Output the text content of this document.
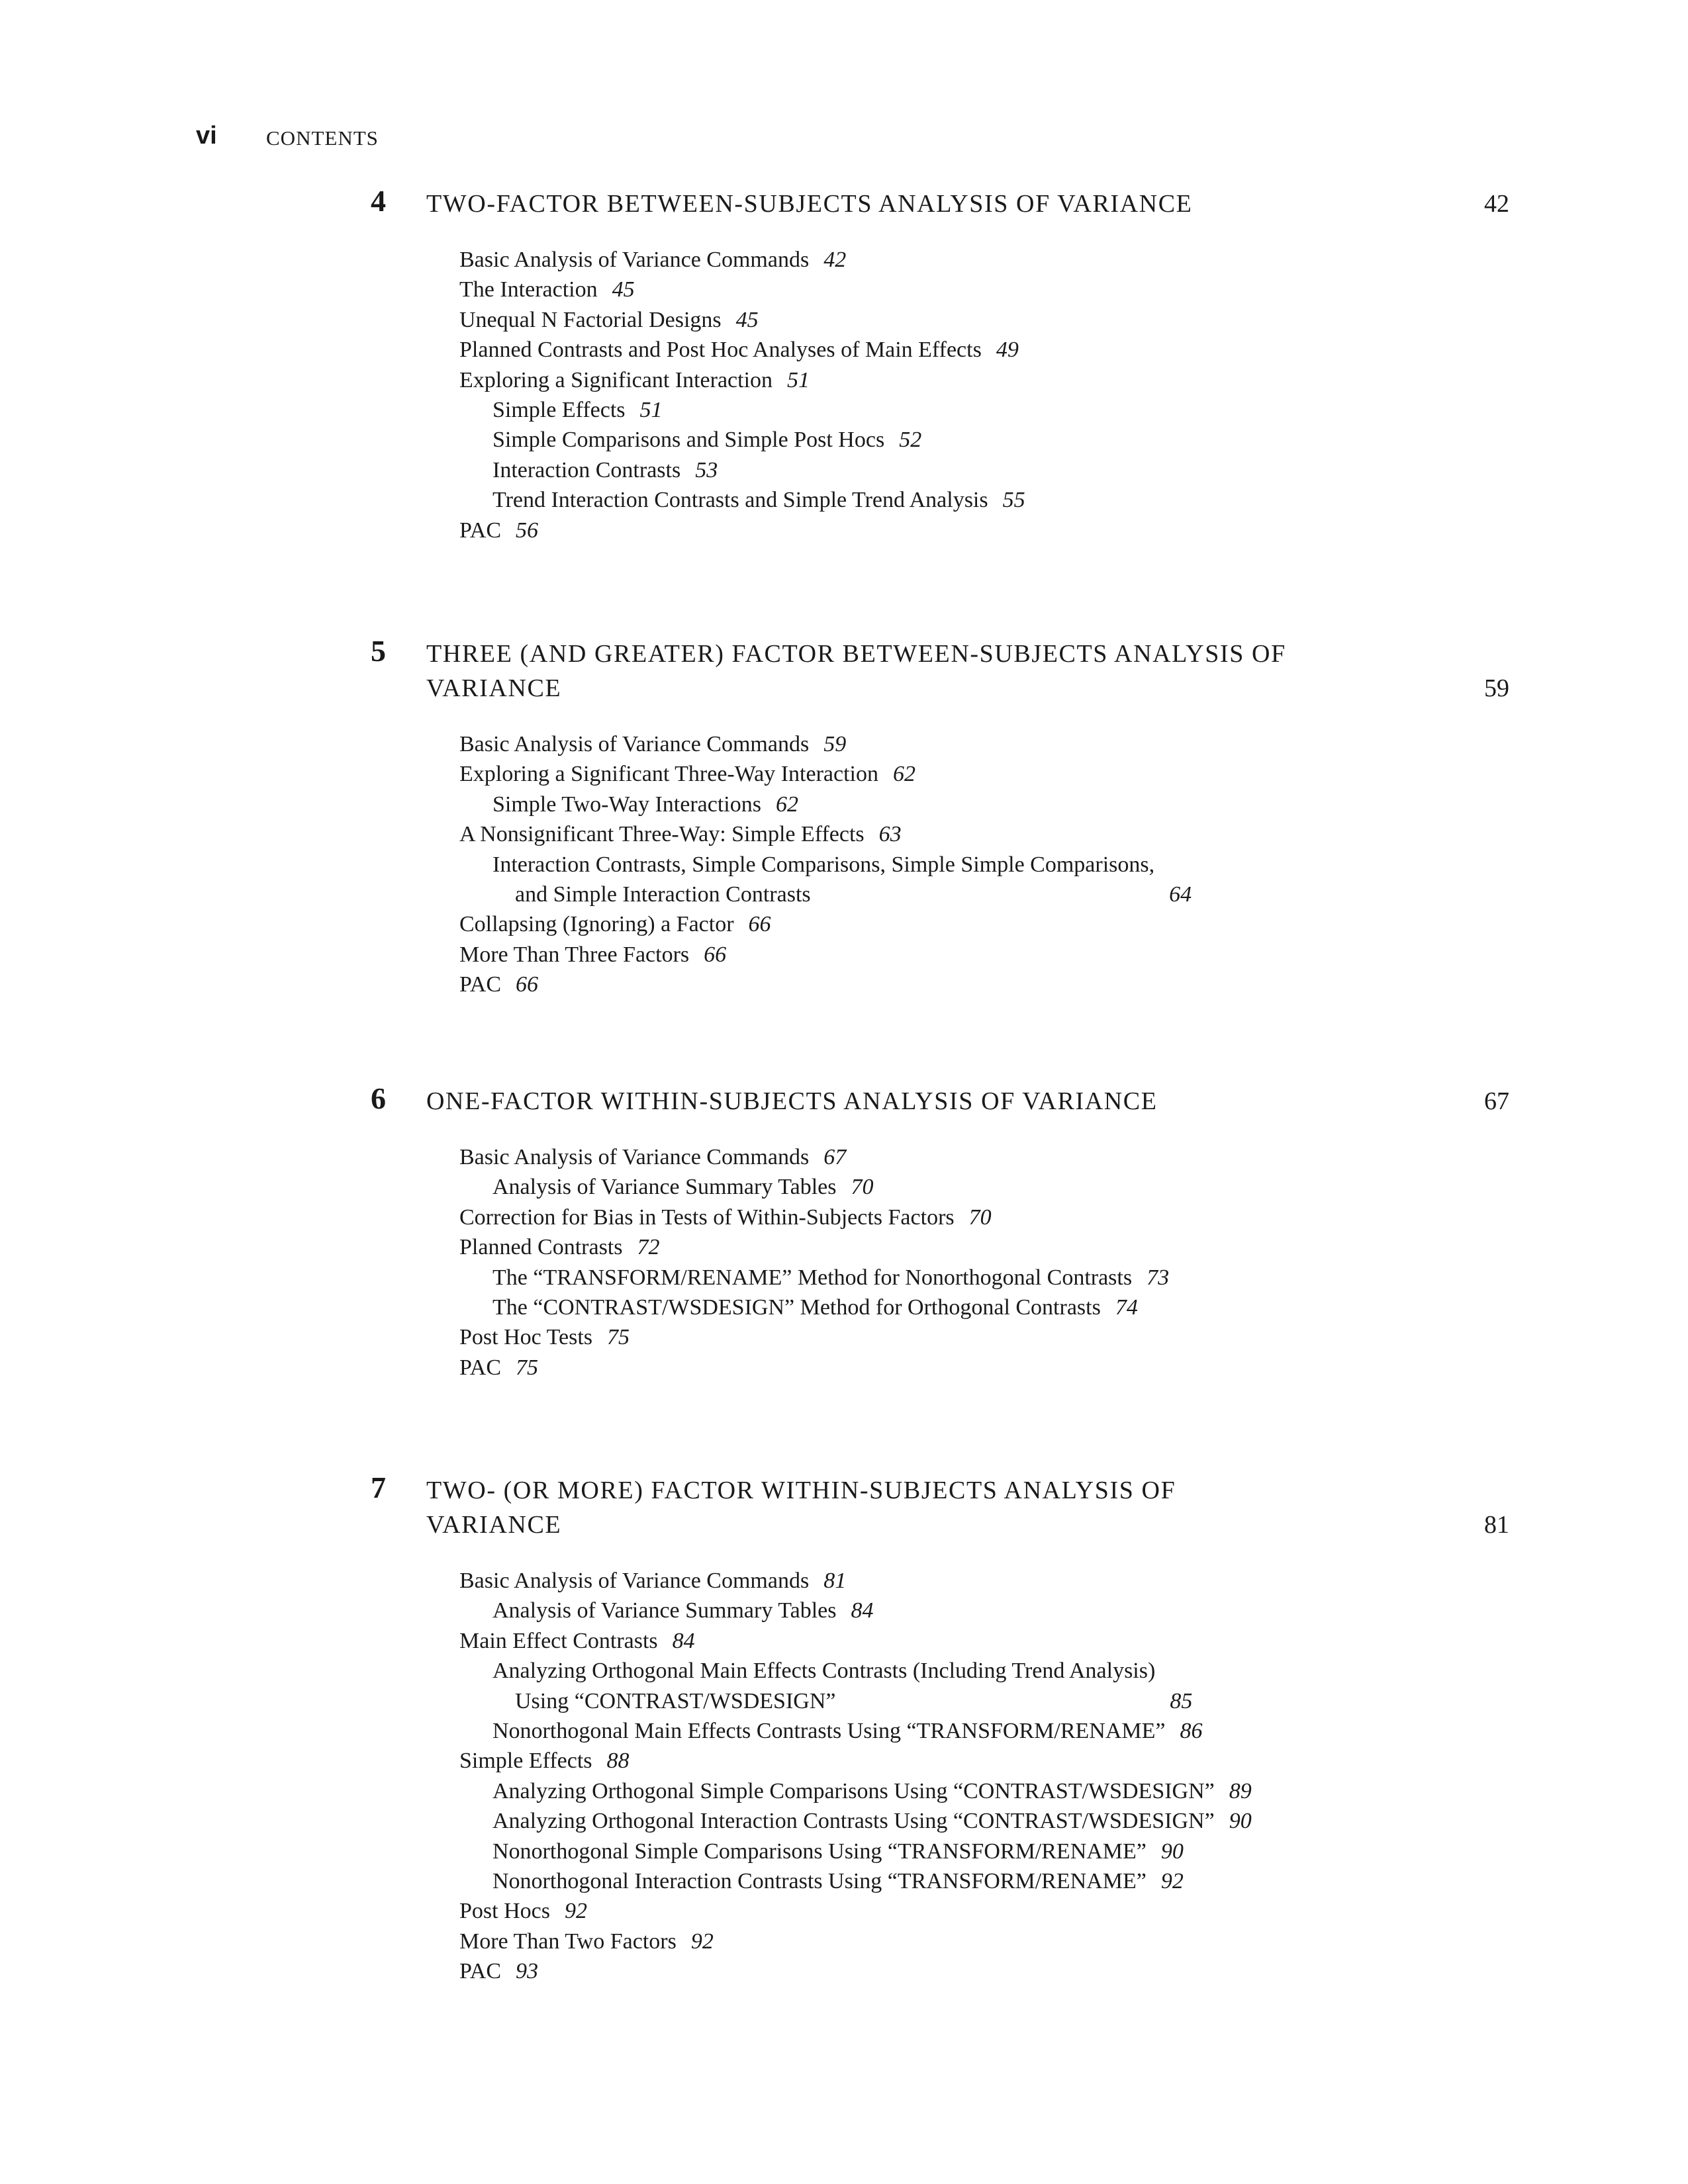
vi CONTENTS
4 TWO-FACTOR BETWEEN-SUBJECTS ANALYSIS OF VARIANCE	42
Basic Analysis of Variance Commands 42
The Interaction 45
Unequal N Factorial Designs 45
Planned Contrasts and Post Hoc Analyses of Main Effects 49
Exploring a Significant Interaction 51
Simple Effects 51
Simple Comparisons and Simple Post Hocs 52
Interaction Contrasts 53
Trend Interaction Contrasts and Simple Trend Analysis 55
PAC 56
5 THREE (AND GREATER) FACTOR BETWEEN-SUBJECTS ANALYSIS OF VARIANCE	59
Basic Analysis of Variance Commands 59
Exploring a Significant Three-Way Interaction 62
Simple Two-Way Interactions 62
A Nonsignificant Three-Way: Simple Effects 63
Interaction Contrasts, Simple Comparisons, Simple Simple Comparisons,
and Simple Interaction Contrasts	64
Collapsing (Ignoring) a Factor 66
More Than Three Factors 66
PAC 66
6 ONE-FACTOR WITHIN-SUBJECTS ANALYSIS OF VARIANCE	67
Basic Analysis of Variance Commands 67
Analysis of Variance Summary Tables 70
Correction for Bias in Tests of Within-Subjects Factors 70
Planned Contrasts 72
The “TRANSFORM/RENAME” Method for Nonorthogonal Contrasts 73
The “CONTRAST/WSDESIGN” Method for Orthogonal Contrasts 74
Post Hoc Tests 75
PAC 75
7 TWO- (OR MORE) FACTOR WITHIN-SUBJECTS ANALYSIS OF VARIANCE	81
Basic Analysis of Variance Commands 81
Analysis of Variance Summary Tables 84
Main Effect Contrasts 84
Analyzing Orthogonal Main Effects Contrasts (Including Trend Analysis)
Using “CONTRAST/WSDESIGN”	85
Nonorthogonal Main Effects Contrasts Using “TRANSFORM/RENAME” 86
Simple Effects 88
Analyzing Orthogonal Simple Comparisons Using “CONTRAST/WSDESIGN” 89
Analyzing Orthogonal Interaction Contrasts Using “CONTRAST/WSDESIGN” 90
Nonorthogonal Simple Comparisons Using “TRANSFORM/RENAME” 90
Nonorthogonal Interaction Contrasts Using “TRANSFORM/RENAME” 92
Post Hocs 92
More Than Two Factors 92
PAC 93
